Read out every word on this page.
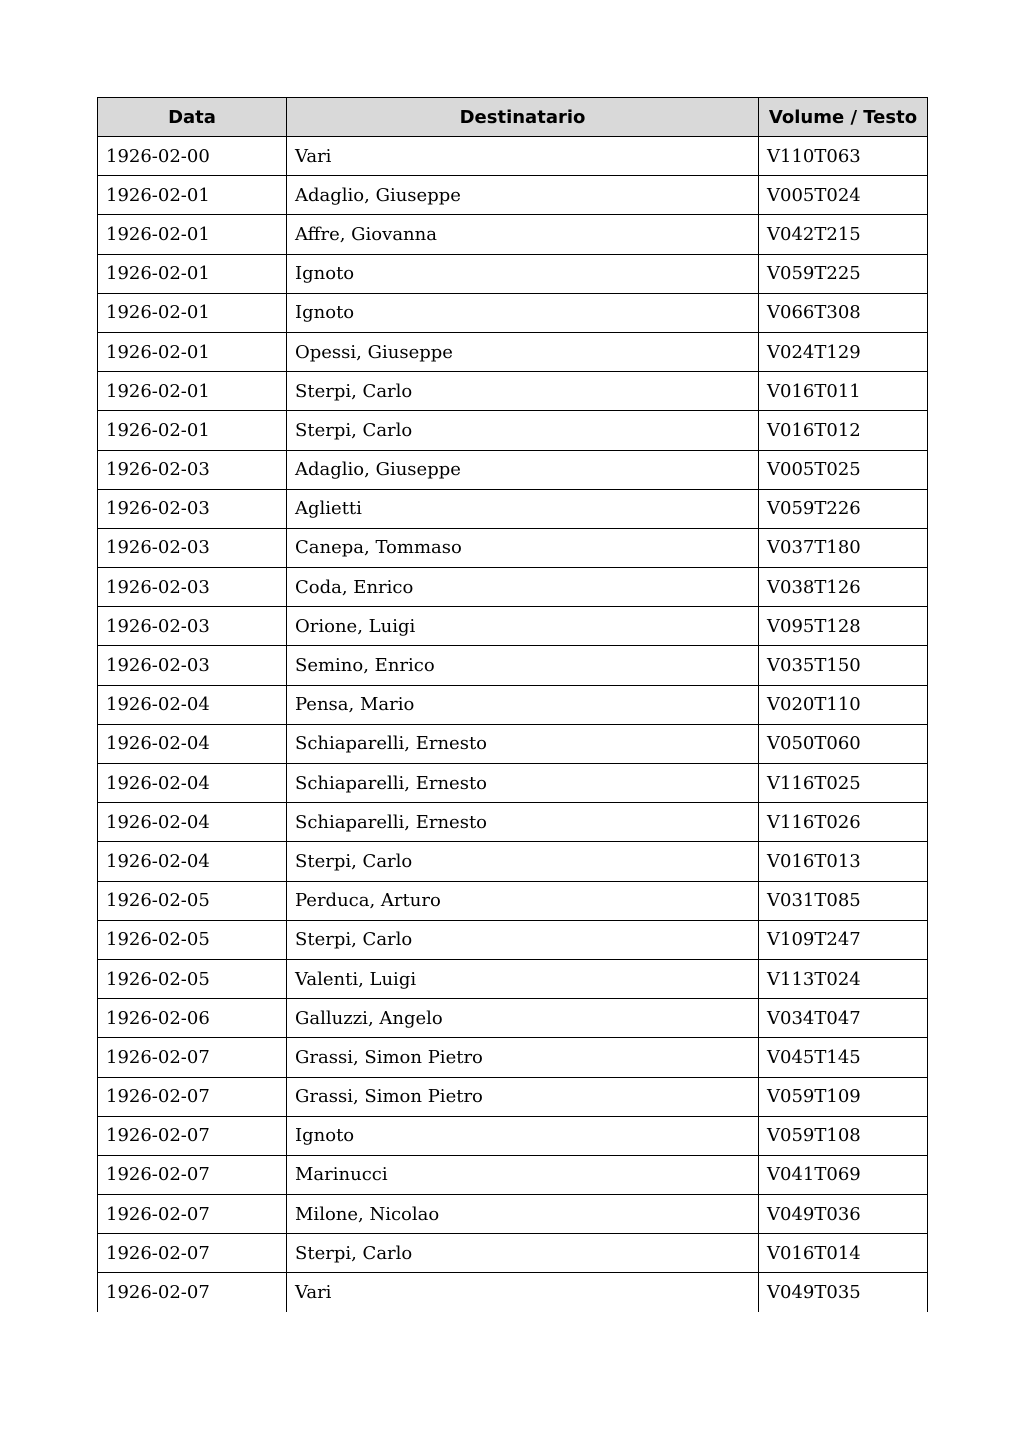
Data	Destinatario	Volume / Testo
1926-02-00	Vari	V110T063
1926-02-01	Adaglio, Giuseppe	V005T024
1926-02-01	Affre, Giovanna	V042T215
1926-02-01	Ignoto	V059T225
1926-02-01	Ignoto	V066T308
1926-02-01	Opessi, Giuseppe	V024T129
1926-02-01	Sterpi, Carlo	V016T011
1926-02-01	Sterpi, Carlo	V016T012
1926-02-03	Adaglio, Giuseppe	V005T025
1926-02-03	Aglietti	V059T226
1926-02-03	Canepa, Tommaso	V037T180
1926-02-03	Coda, Enrico	V038T126
1926-02-03	Orione, Luigi	V095T128
1926-02-03	Semino, Enrico	V035T150
1926-02-04	Pensa, Mario	V020T110
1926-02-04	Schiaparelli, Ernesto	V050T060
1926-02-04	Schiaparelli, Ernesto	V116T025
1926-02-04	Schiaparelli, Ernesto	V116T026
1926-02-04	Sterpi, Carlo	V016T013
1926-02-05	Perduca, Arturo	V031T085
1926-02-05	Sterpi, Carlo	V109T247
1926-02-05	Valenti, Luigi	V113T024
1926-02-06	Galluzzi, Angelo	V034T047
1926-02-07	Grassi, Simon Pietro	V045T145
1926-02-07	Grassi, Simon Pietro	V059T109
1926-02-07	Ignoto	V059T108
1926-02-07	Marinucci	V041T069
1926-02-07	Milone, Nicolao	V049T036
1926-02-07	Sterpi, Carlo	V016T014
1926-02-07	Vari	V049T035
